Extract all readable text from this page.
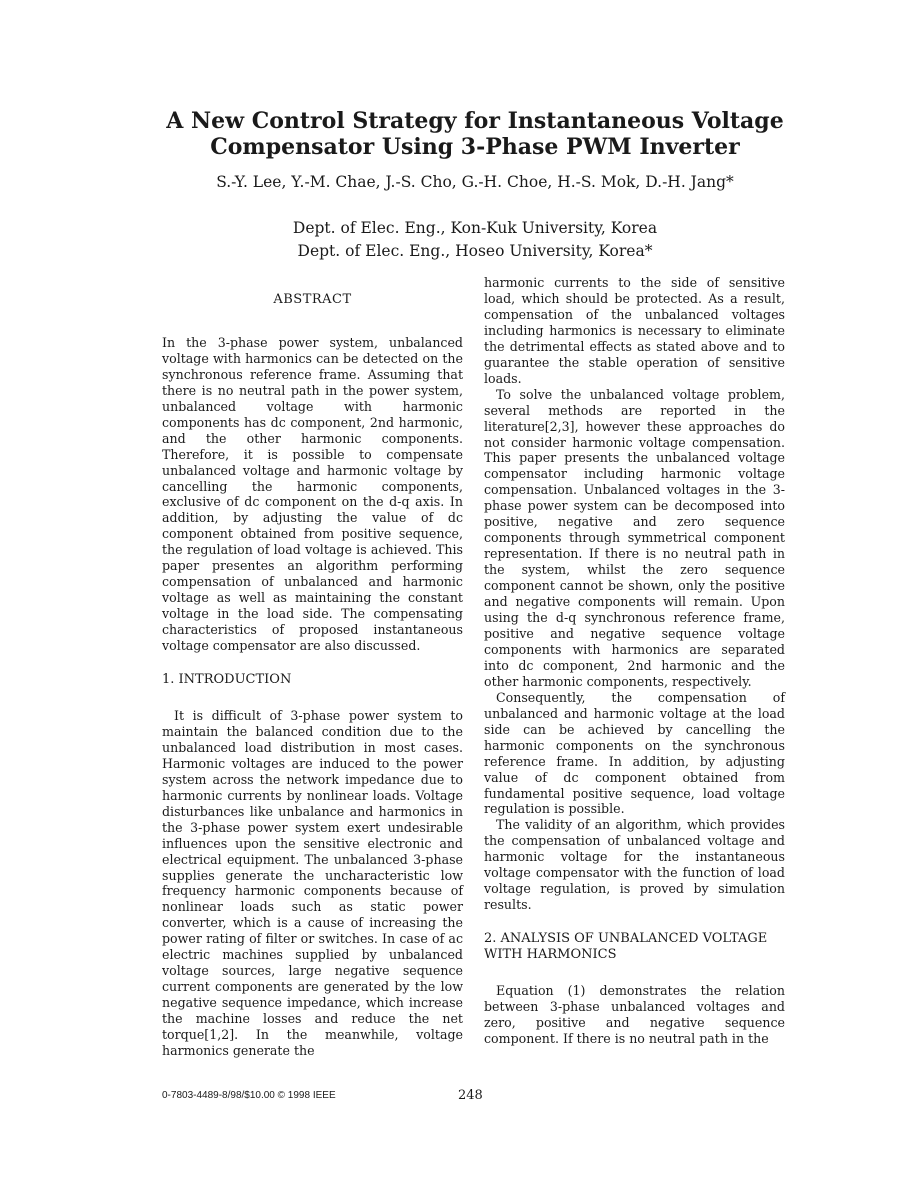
A New Control Strategy for Instantaneous Voltage
Compensator Using 3-Phase PWM Inverter

S.-Y. Lee, Y.-M. Chae, J.-S. Cho, G.-H. Choe, H.-S. Mok, D.-H. Jang*

Dept. of Elec. Eng., Kon-Kuk University, Korea

Dept. of Elec. Eng., Hoseo University, Korea*

ABSTRACT

In the 3-phase power system, unbalanced voltage with harmonics can be detected on the synchronous reference frame. Assuming that there is no neutral path in the power system, unbalanced voltage with harmonic components has dc component, 2nd harmonic, and the other harmonic components. Therefore, it is possible to compensate unbalanced voltage and harmonic voltage by cancelling the harmonic components, exclusive of dc component on the d-q axis. In addition, by adjusting the value of dc component obtained from positive sequence, the regulation of load voltage is achieved. This paper presentes an algorithm performing compensation of unbalanced and harmonic voltage as well as maintaining the constant voltage in the load side. The compensating characteristics of proposed instantaneous voltage compensator are also discussed.

1. INTRODUCTION

It is difficult of 3-phase power system to maintain the balanced condition due to the unbalanced load distribution in most cases. Harmonic voltages are induced to the power system across the network impedance due to harmonic currents by nonlinear loads. Voltage disturbances like unbalance and harmonics in the 3-phase power system exert undesirable influences upon the sensitive electronic and electrical equipment. The unbalanced 3-phase supplies generate the uncharacteristic low frequency harmonic components because of nonlinear loads such as static power converter, which is a cause of increasing the power rating of filter or switches. In case of ac electric machines supplied by unbalanced voltage sources, large negative sequence current components are generated by the low negative sequence impedance, which increase the machine losses and reduce the net torque[1,2]. In the meanwhile, voltage harmonics generate the

harmonic currents to the side of sensitive load, which should be protected. As a result, compensation of the unbalanced voltages including harmonics is necessary to eliminate the detrimental effects as stated above and to guarantee the stable operation of sensitive loads.

To solve the unbalanced voltage problem, several methods are reported in the literature[2,3], however these approaches do not consider harmonic voltage compensation. This paper presents the unbalanced voltage compensator including harmonic voltage compensation. Unbalanced voltages in the 3-phase power system can be decomposed into positive, negative and zero sequence components through symmetrical component representation. If there is no neutral path in the system, whilst the zero sequence component cannot be shown, only the positive and negative components will remain. Upon using the d-q synchronous reference frame, positive and negative sequence voltage components with harmonics are separated into dc component, 2nd harmonic and the other harmonic components, respectively.

Consequently, the compensation of unbalanced and harmonic voltage at the load side can be achieved by cancelling the harmonic components on the synchronous reference frame. In addition, by adjusting value of dc component obtained from fundamental positive sequence, load voltage regulation is possible.

The validity of an algorithm, which provides the compensation of unbalanced voltage and harmonic voltage for the instantaneous voltage compensator with the function of load voltage regulation, is proved by simulation results.

2. ANALYSIS OF UNBALANCED VOLTAGE WITH HARMONICS

Equation (1) demonstrates the relation between 3-phase unbalanced voltages and zero, positive and negative sequence component. If there is no neutral path in the

0-7803-4489-8/98/$10.00 © 1998 IEEE	248
